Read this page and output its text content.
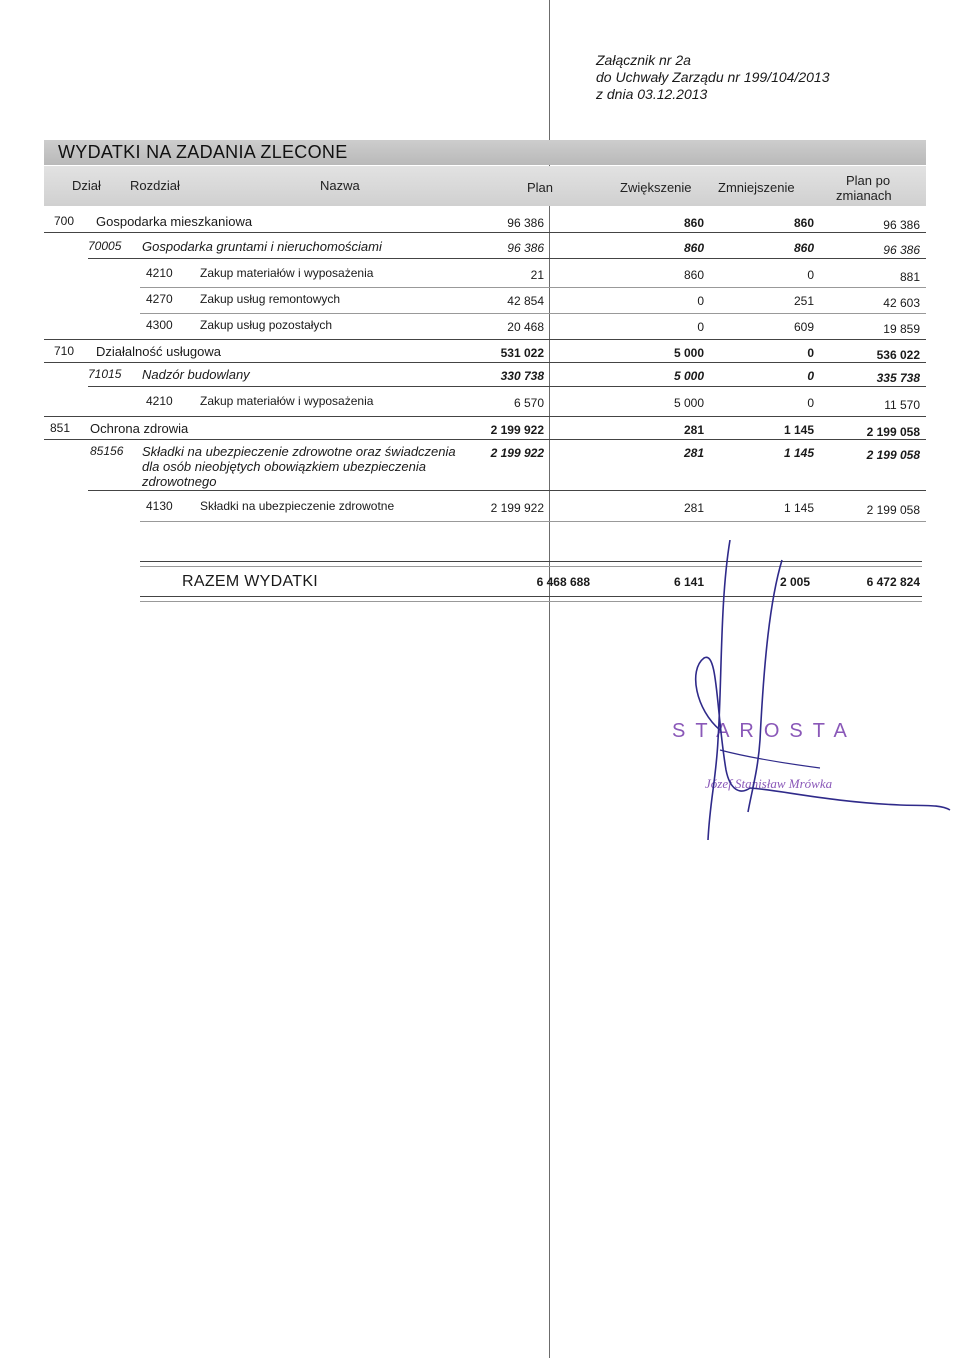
Załącznik nr 2a
do Uchwały Zarządu nr 199/104/2013
z dnia 03.12.2013
WYDATKI NA ZADANIA ZLECONE
Dział Rozdział	Nazwa	Plan	Zwiększenie Zmniejszenie	Plan po
zmianach
700 Gospodarka mieszkaniowa	96 386	860	860	96 386
70005 Gospodarka gruntami i nieruchomościami	96 386	860	860	96 386
4210 Zakup materiałów i wyposażenia	21	860	0	881
4270 Zakup usług remontowych	42 854	0	251	42 603
4300 Zakup usług pozostałych	20 468	0	609	19 859
710 Działalność usługowa	531 022	5 000	0	536 022
71015 Nadzór budowlany	330 738	5 000	0	335 738
4210 Zakup materiałów i wyposażenia	6 570	5 000	0	11 570
851 Ochrona zdrowia	2 199 922	281	1 145	2 199 058
85156 Składki na ubezpieczenie zdrowotne oraz świadczenia
dla osób nieobjętych obowiązkiem ubezpieczenia
zdrowotnego
2 199 922	281	1 145	2 199 058
4130 Składki na ubezpieczenie zdrowotne	2 199 922	281	1 145	2 199 058
RAZEM WYDATKI	6 468 688	6 141	2 005	6 472 824
STAROSTA
Józef Stanisław Mrówka
